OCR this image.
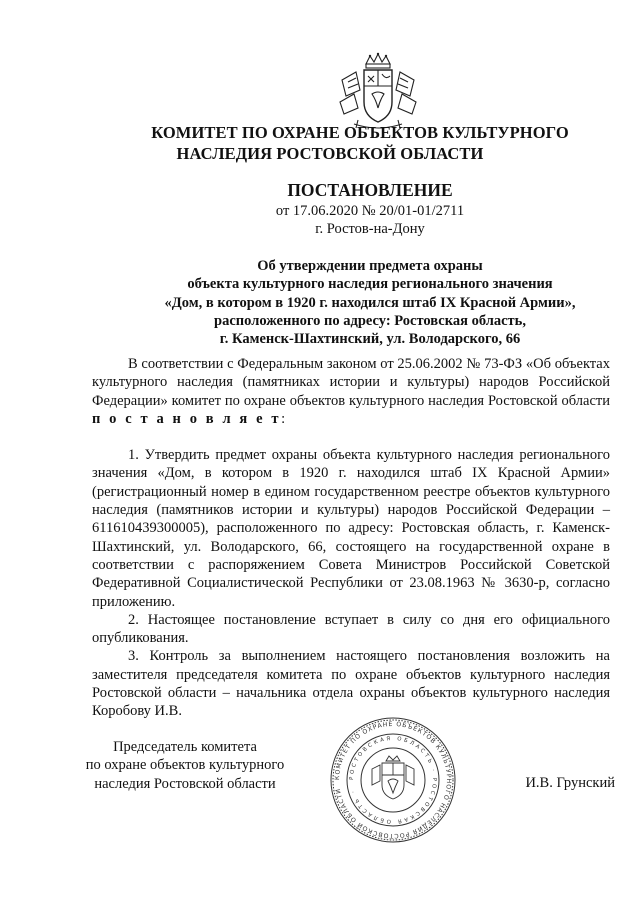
КОМИТЕТ ПО ОХРАНЕ ОБЪЕКТОВ КУЛЬТУРНОГО
НАСЛЕДИЯ РОСТОВСКОЙ ОБЛАСТИ
ПОСТАНОВЛЕНИЕ
от 17.06.2020 № 20/01-01/2711
г. Ростов-на-Дону
Об утверждении предмета охраны
объекта культурного наследия регионального значения
«Дом, в котором в 1920 г. находился штаб IX Красной Армии»,
расположенного по адресу: Ростовская область,
г. Каменск-Шахтинский, ул. Володарского, 66

В соответствии с Федеральным законом от 25.06.2002 № 73-ФЗ «Об объектах культурного наследия (памятниках истории и культуры) народов Российской Федерации» комитет по охране объектов культурного наследия Ростовской области п о с т а н о в л я е т:

1. Утвердить предмет охраны объекта культурного наследия регионального значения «Дом, в котором в 1920 г. находился штаб IX Красной Армии» (регистрационный номер в едином государственном реестре объектов культурного наследия (памятников истории и культуры) народов Российской Федерации – 611610439300005), расположенного по адресу: Ростовская область, г. Каменск-Шахтинский, ул. Володарского, 66, состоящего на государственной охране в соответствии с распоряжением Совета Министров Российской Советской Федеративной Социалистической Республики от 23.08.1963 № 3630-р, согласно приложению.

2. Настоящее постановление вступает в силу со дня его официального опубликования.

3. Контроль за выполнением настоящего постановления возложить на заместителя председателя комитета по охране объектов культурного наследия Ростовской области – начальника отдела охраны объектов культурного наследия Коробову И.В.

Председатель комитета
по охране объектов культурного
наследия Ростовской области	КОМИТЕТ ПО ОХРАНЕ ОБЪЕКТОВ КУЛЬТУРНОГО НАСЛЕДИЯ РОСТОВСКОЙ ОБЛАСТИ
РОСТОВСКАЯ ОБЛАСТЬ · РОСТОВСКАЯ ОБЛАСТЬ ·
И.В. Грунский
